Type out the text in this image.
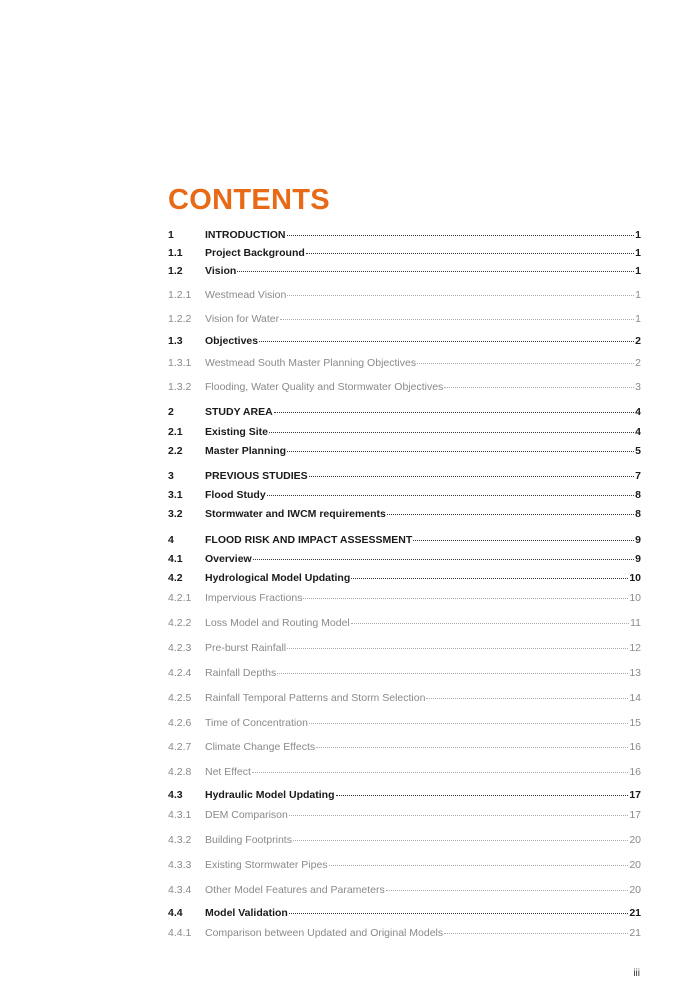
CONTENTS
1	INTRODUCTION	1
1.1	Project Background	1
1.2	Vision	1
1.2.1	Westmead Vision	1
1.2.2	Vision for Water	1
1.3	Objectives	2
1.3.1	Westmead South Master Planning Objectives	2
1.3.2	Flooding, Water Quality and Stormwater Objectives	3
2	STUDY AREA	4
2.1	Existing Site	4
2.2	Master Planning	5
3	PREVIOUS STUDIES	7
3.1	Flood Study	8
3.2	Stormwater and IWCM requirements	8
4	FLOOD RISK AND IMPACT ASSESSMENT	9
4.1	Overview	9
4.2	Hydrological Model Updating	10
4.2.1	Impervious Fractions	10
4.2.2	Loss Model and Routing Model	11
4.2.3	Pre-burst Rainfall	12
4.2.4	Rainfall Depths	13
4.2.5	Rainfall Temporal Patterns and Storm Selection	14
4.2.6	Time of Concentration	15
4.2.7	Climate Change Effects	16
4.2.8	Net Effect	16
4.3	Hydraulic Model Updating	17
4.3.1	DEM Comparison	17
4.3.2	Building Footprints	20
4.3.3	Existing Stormwater Pipes	20
4.3.4	Other Model Features and Parameters	20
4.4	Model Validation	21
4.4.1	Comparison between Updated and Original Models	21
iii
